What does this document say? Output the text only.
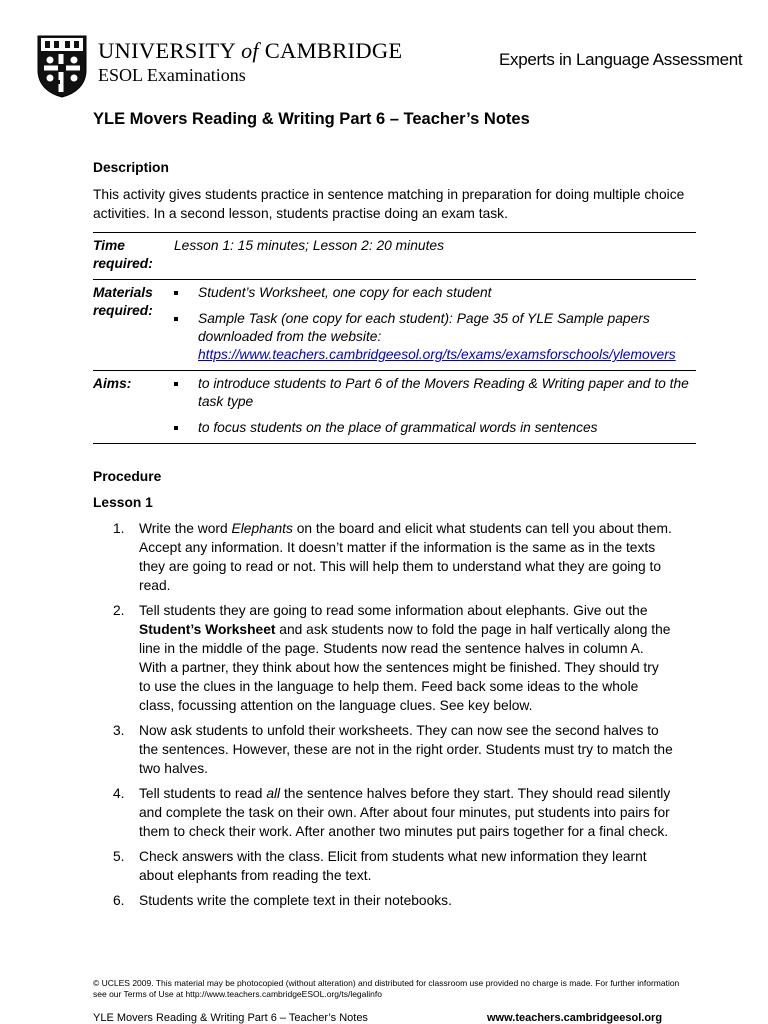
UNIVERSITY of CAMBRIDGE
ESOL Examinations
Experts in Language Assessment
YLE Movers Reading & Writing Part 6 – Teacher’s Notes
Description
This activity gives students practice in sentence matching in preparation for doing multiple choice activities. In a second lesson, students practise doing an exam task.
Time required:
Lesson 1: 15 minutes; Lesson 2: 20 minutes
Materials required:
Student’s Worksheet, one copy for each student
Sample Task (one copy for each student): Page 35 of YLE Sample papers downloaded from the website:
https://www.teachers.cambridgeesol.org/ts/exams/examsforschools/ylemovers
Aims:	to introduce students to Part 6 of the Movers Reading & Writing paper and to the task type
to focus students on the place of grammatical words in sentences
Procedure
Lesson 1
1.	Write the word Elephants on the board and elicit what students can tell you about them. Accept any information. It doesn’t matter if the information is the same as in the texts they are going to read or not. This will help them to understand what they are going to read.
2.	Tell students they are going to read some information about elephants. Give out the Student’s Worksheet and ask students now to fold the page in half vertically along the line in the middle of the page. Students now read the sentence halves in column A. With a partner, they think about how the sentences might be finished. They should try to use the clues in the language to help them. Feed back some ideas to the whole class, focussing attention on the language clues. See key below.
3.	Now ask students to unfold their worksheets. They can now see the second halves to the sentences. However, these are not in the right order. Students must try to match the two halves.
4.	Tell students to read all the sentence halves before they start. They should read silently and complete the task on their own. After about four minutes, put students into pairs for them to check their work. After another two minutes put pairs together for a final check.
5.	Check answers with the class. Elicit from students what new information they learnt about elephants from reading the text.
6.	Students write the complete text in their notebooks.
© UCLES 2009. This material may be photocopied (without alteration) and distributed for classroom use provided no charge is made. For further information see our Terms of Use at http://www.teachers.cambridgeESOL.org/ts/legalinfo
YLE Movers Reading & Writing Part 6 – Teacher’s Notes	www.teachers.cambridgeesol.org
